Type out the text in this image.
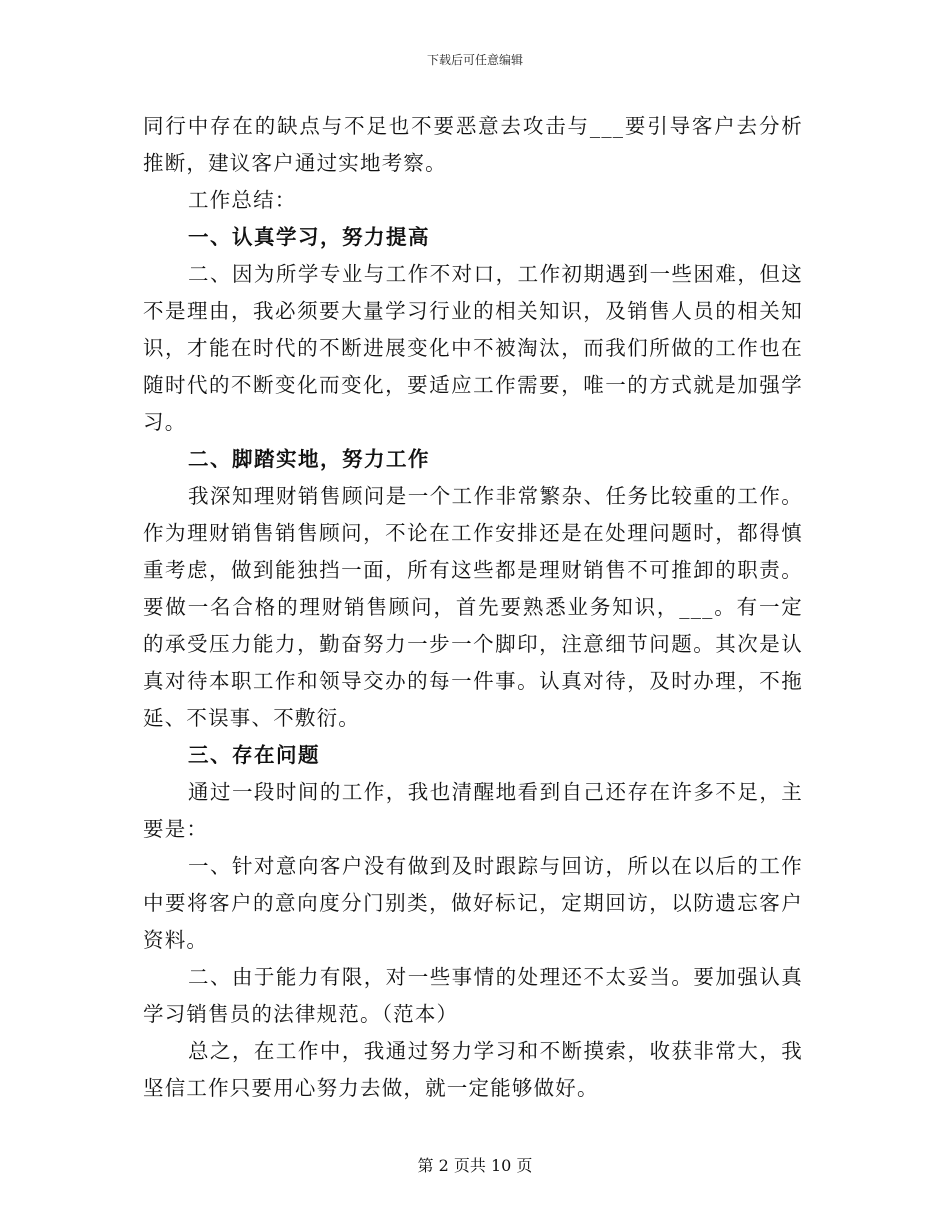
下载后可任意编辑

同行中存在的缺点与不足也不要恶意去攻击与___要引导客户去分析推断，建议客户通过实地考察。

工作总结：

一、认真学习，努力提高

二、因为所学专业与工作不对口，工作初期遇到一些困难，但这不是理由，我必须要大量学习行业的相关知识，及销售人员的相关知识，才能在时代的不断进展变化中不被淘汰，而我们所做的工作也在随时代的不断变化而变化，要适应工作需要，唯一的方式就是加强学习。

二、脚踏实地，努力工作

我深知理财销售顾问是一个工作非常繁杂、任务比较重的工作。作为理财销售销售顾问，不论在工作安排还是在处理问题时，都得慎重考虑，做到能独挡一面，所有这些都是理财销售不可推卸的职责。要做一名合格的理财销售顾问，首先要熟悉业务知识，___。有一定的承受压力能力，勤奋努力一步一个脚印，注意细节问题。其次是认真对待本职工作和领导交办的每一件事。认真对待，及时办理，不拖延、不误事、不敷衍。

三、存在问题

通过一段时间的工作，我也清醒地看到自己还存在许多不足，主要是：

一、针对意向客户没有做到及时跟踪与回访，所以在以后的工作中要将客户的意向度分门别类，做好标记，定期回访，以防遗忘客户资料。

二、由于能力有限，对一些事情的处理还不太妥当。要加强认真学习销售员的法律规范。（范本）

总之，在工作中，我通过努力学习和不断摸索，收获非常大，我坚信工作只要用心努力去做，就一定能够做好。

第 2 页共 10 页
